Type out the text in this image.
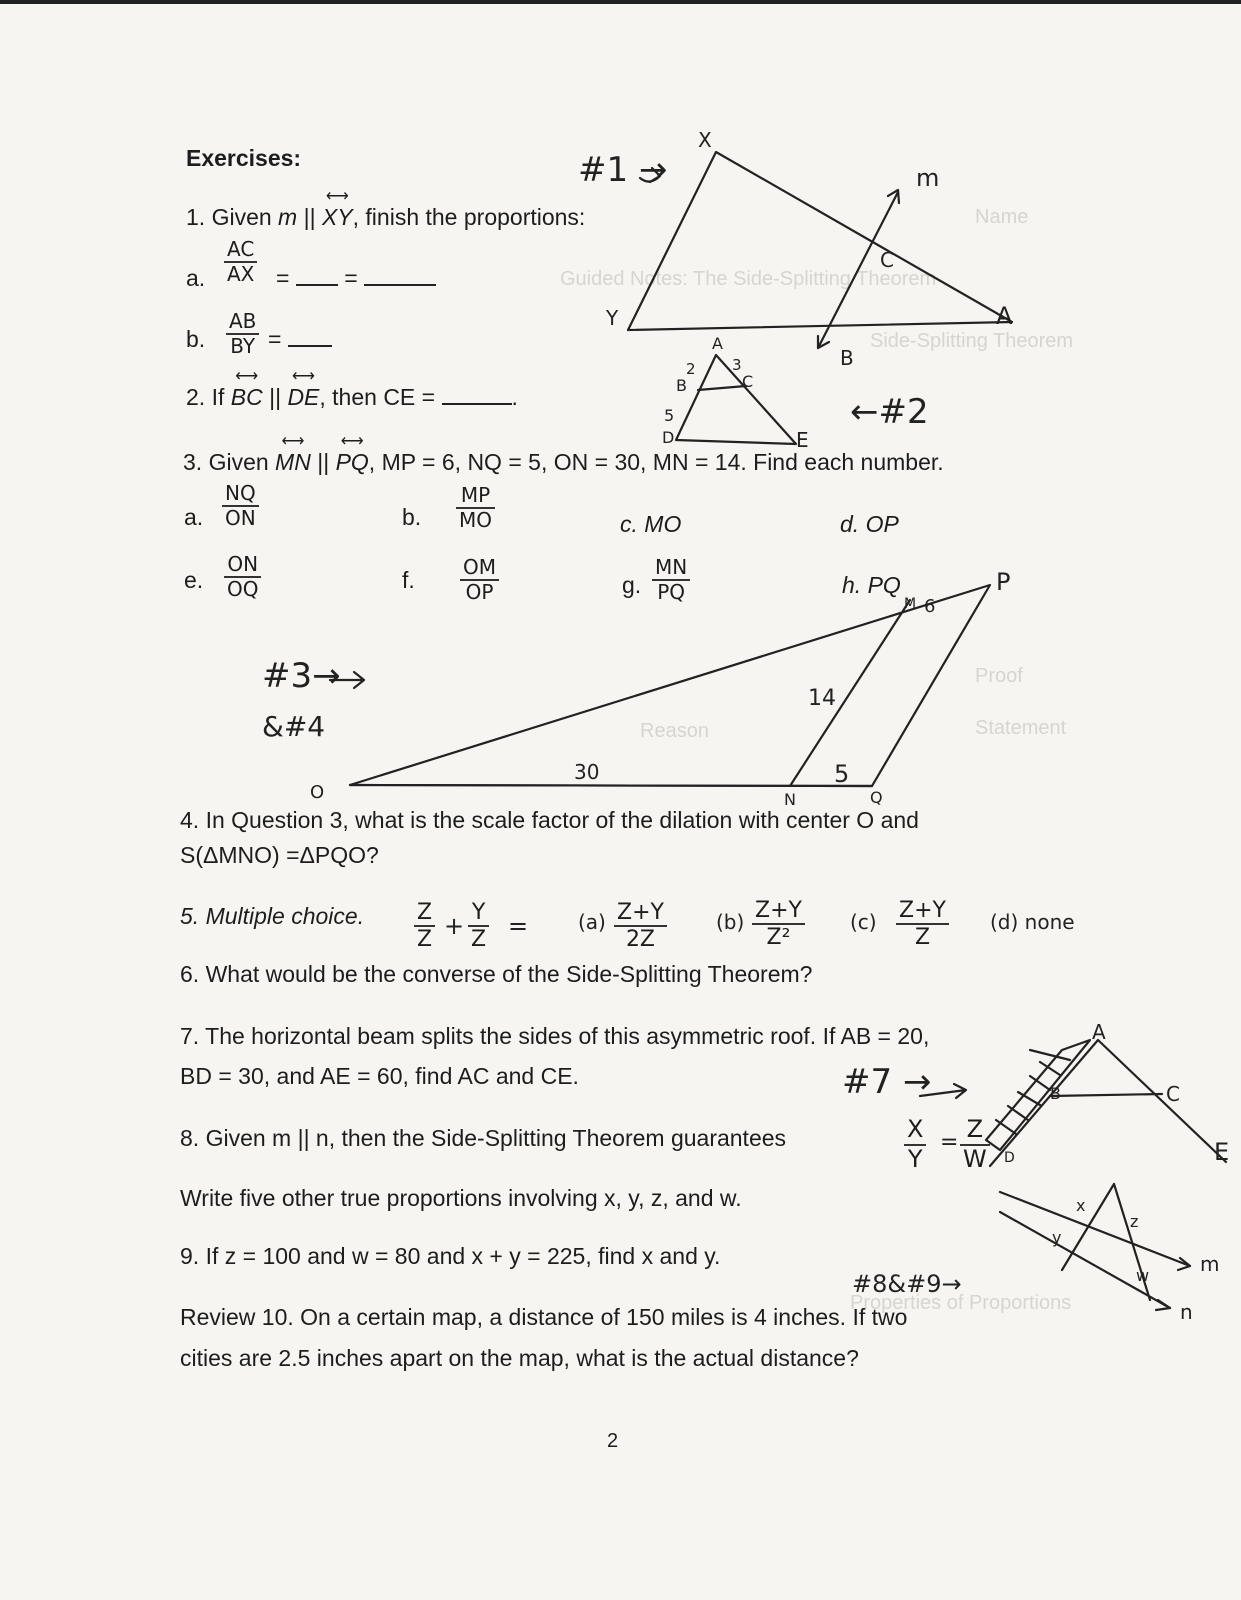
Name
Guided Notes: The Side-Splitting Theorem
Side-Splitting Theorem
Proof
Statement
Reason
Properties of Proportions
Exercises:
1. Given m || ⟷ XY, finish the proportions:
a. $\frac{AC}{AX}$ =  =
b. $\frac{AB}{BY}$ =
2. If ⟷ BC || ⟷ DE, then CE =	.
3. Given ⟷ MN || ⟷ PQ, MP = 6, NQ = 5, ON = 30, MN = 14. Find each number.
a. $\frac{NQ}{ON}$	b. $\frac{MP}{MO}$	c. MO	d. OP
e. $\frac{ON}{OQ}$	f. $\frac{OM}{OP}$	g. $\frac{MN}{PQ}$	h. PQ
4. In Question 3, what is the scale factor of the dilation with center O and
S(ΔMNO) =ΔPQO?
5. Multiple choice. $\frac{Z}{Z} + \frac{Y}{Z} = (a) \frac{Z+Y}{2Z} (b) \frac{Z+Y}{\text{Z²}} (c) \frac{Z+Y}{Z} (d)$ none
6. What would be the converse of the Side-Splitting Theorem?
7. The horizontal beam splits the sides of this asymmetric roof. If AB = 20,
BD = 30, and AE = 60, find AC and CE.
8. Given m || n, then the Side-Splitting Theorem guarantees	$\frac{X}{Y} = \frac{Z}{W}$
Write five other true proportions involving x, y, z, and w.
9. If z = 100 and w = 80 and x + y = 225, find x and y.
Review 10. On a certain map, a distance of 150 miles is 4 inches. If two
cities are 2.5 inches apart on the map, what is the actual distance?
2
#1 →
X
Y
C
A
B
m
A
B	C
D	E
2 3
5	←#2
#3→
&#4
O	N	Q
M
P
30
14
5
6
#7 →
A
B	C
D	E
x
y
z
w	m
n
#8&#9→
